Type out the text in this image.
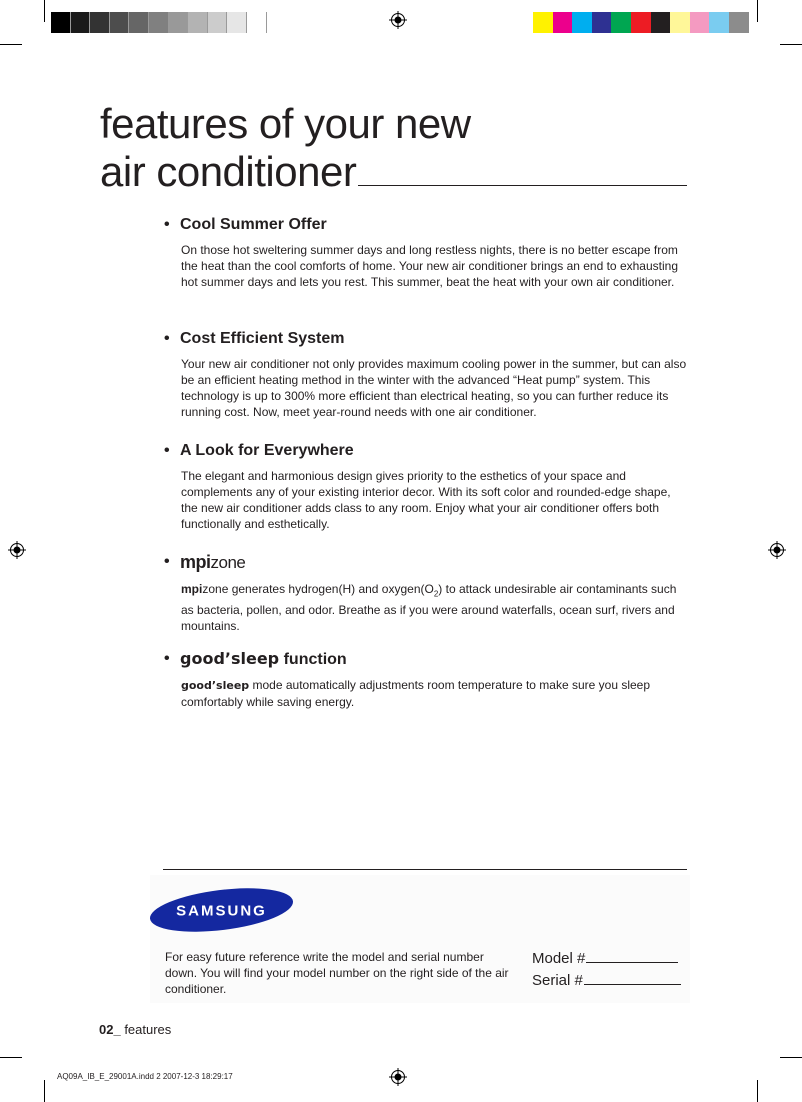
features of your new
air conditioner
• Cool Summer Offer
On those hot sweltering summer days and long restless nights, there is no better escape from the heat than the cool comforts of home. Your new air conditioner brings an end to exhausting hot summer days and lets you rest. This summer, beat the heat with your own air conditioner.
• Cost Efficient System
Your new air conditioner not only provides maximum cooling power in the summer, but can also be an efficient heating method in the winter with the advanced “Heat pump” system. This technology is up to 300% more efficient than electrical heating, so you can further reduce its running cost. Now, meet year-round needs with one air conditioner.
• A Look for Everywhere
The elegant and harmonious design gives priority to the esthetics of your space and complements any of your existing interior decor. With its soft color and rounded-edge shape, the new air conditioner adds class to any room. Enjoy what your air conditioner offers both functionally and esthetically.
• mpizone
mpizone generates hydrogen(H) and $oxygen(O_2)$ to attack undesirable air contaminants such as bacteria, pollen, and odor. Breathe as if you were around waterfalls, ocean surf, rivers and mountains.
• good’sleep function
good’sleep mode automatically adjustments room temperature to make sure you sleep comfortably while saving energy.
SAMSUNG
For easy future reference write the model and serial number down. You will find your model number on the right side of the air conditioner.
Model #
Serial #
02_ features
AQ09A_IB_E_29001A.indd 2 2007-12-3 18:29:17
